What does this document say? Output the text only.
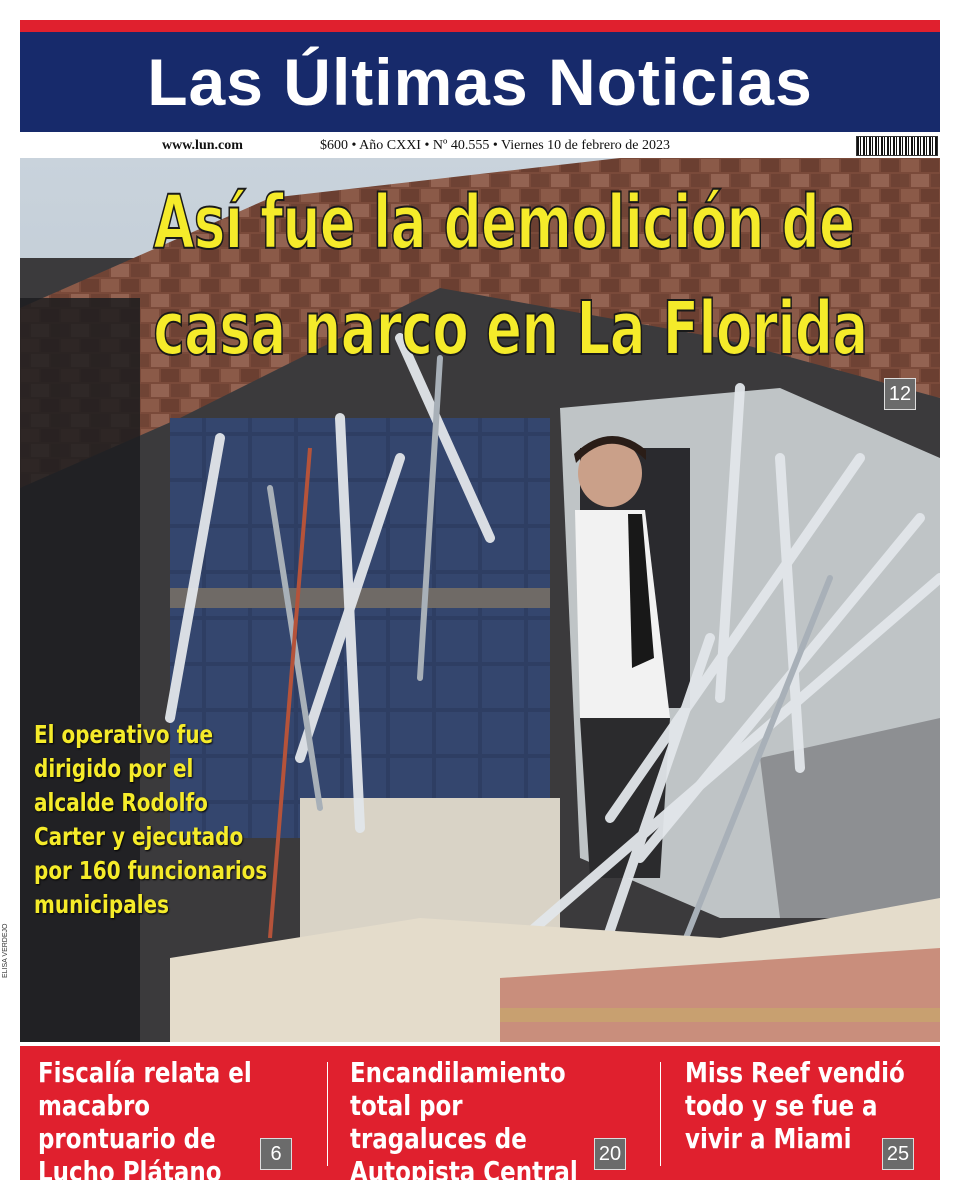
Las Últimas Noticias
www.lun.com	$600 • Año CXXI • Nº 40.555 • Viernes 10 de febrero de 2023
Así fue la demolición de
casa narco en La Florida
12
El operativo fue dirigido por el alcalde Rodolfo Carter y ejecutado por 160 funcionarios municipales
ELISA VERDEJO
Fiscalía relata el macabro prontuario de Lucho Plátano
6
Encandilamiento total por tragaluces de Autopista Central
20
Miss Reef vendió todo y se fue a vivir a Miami	25
